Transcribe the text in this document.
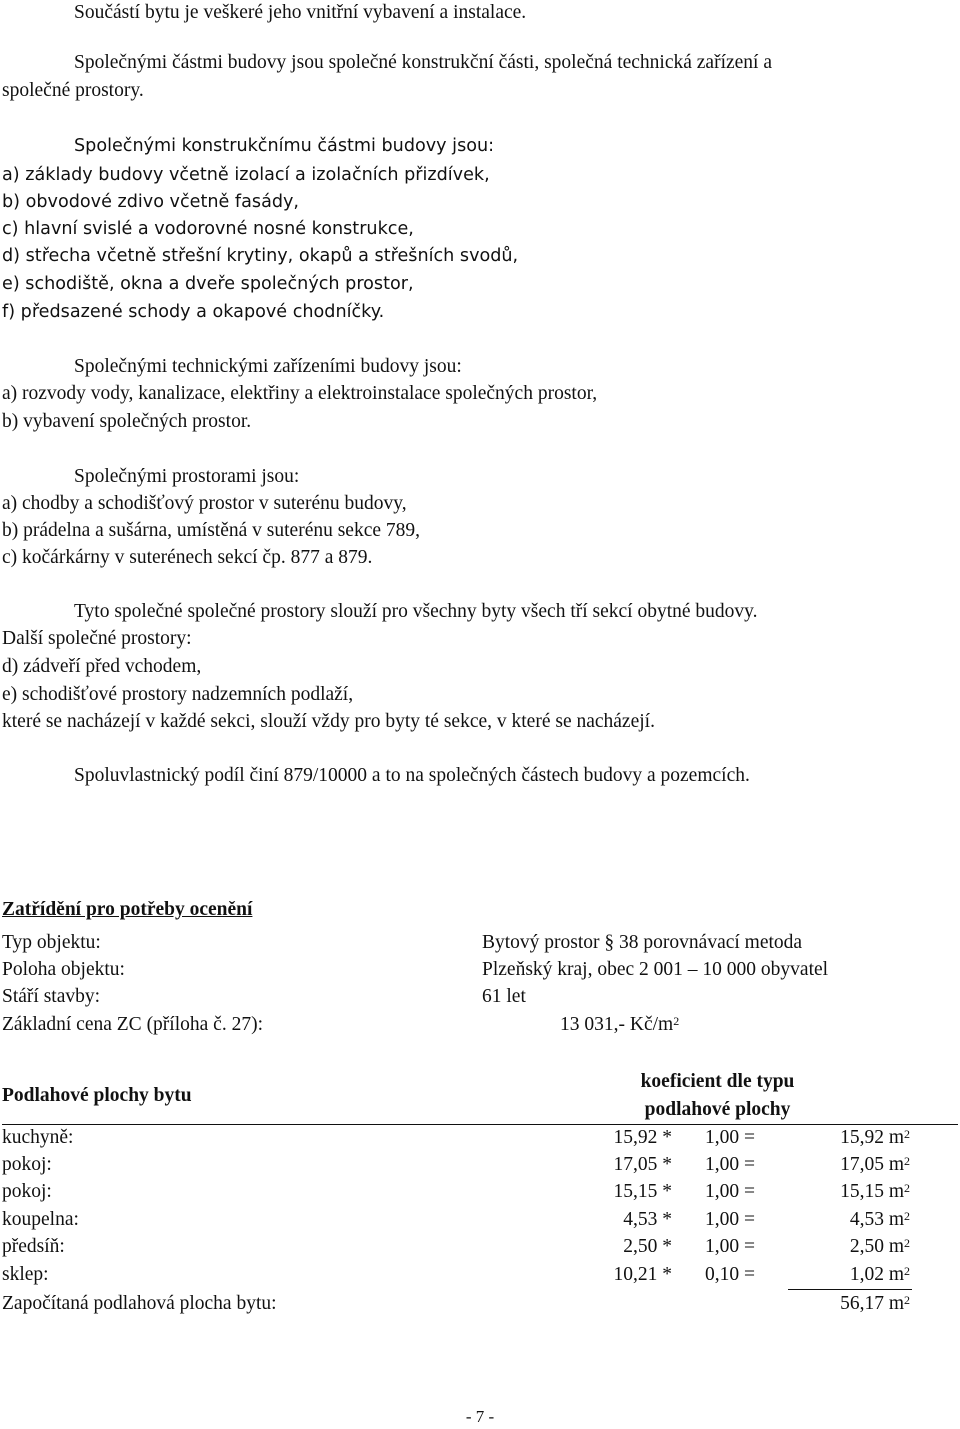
Součástí bytu je veškeré jeho vnitřní vybavení a instalace.
Společnými částmi budovy jsou společné konstrukční části, společná technická zařízení a
společné prostory.
Společnými konstrukčnímu částmi budovy jsou:
a) základy budovy včetně izolací a izolačních přizdívek,
b) obvodové zdivo včetně fasády,
c) hlavní svislé a vodorovné nosné konstrukce,
d) střecha včetně střešní krytiny, okapů a střešních svodů,
e) schodiště, okna a dveře společných prostor,
f) předsazené schody a okapové chodníčky.
Společnými technickými zařízeními budovy jsou:
a) rozvody vody, kanalizace, elektřiny a elektroinstalace společných prostor,
b) vybavení společných prostor.
Společnými prostorami jsou:
a) chodby a schodišťový prostor v suterénu budovy,
b) prádelna a sušárna, umístěná v suterénu sekce 789,
c) kočárkárny v suterénech sekcí čp. 877 a 879.
Tyto společné společné prostory slouží pro všechny byty všech tří sekcí obytné budovy.
Další společné prostory:
d) zádveří před vchodem,
e) schodišťové prostory nadzemních podlaží,
které se nacházejí v každé sekci, slouží vždy pro byty té sekce, v které se nacházejí.
Spoluvlastnický podíl činí 879/10000 a to na společných částech budovy a pozemcích.
Zatřídění pro potřeby ocenění
Typ objektu:	Bytový prostor § 38 porovnávací metoda
Poloha objektu:	Plzeňský kraj, obec 2 001 – 10 000 obyvatel
Stáří stavby:	61 let
Základní cena ZC (příloha č. 27):	13 031,- $Kč/m^2$
Podlahové plochy bytu
koeficient dle typu
podlahové plochy
kuchyně:	15,92 *	1,00 =	15,92 $m^2$
pokoj:	17,05 *	1,00 =	17,05 $m^2$
pokoj:	15,15 *	1,00 =	15,15 $m^2$
koupelna:	4,53 *	1,00 =	4,53 $m^2$
předsíň:	2,50 *	1,00 =	2,50 $m^2$
sklep:	10,21 *	0,10 =	1,02 $m^2$
Započítaná podlahová plocha bytu:	56,17 $m^2$
- 7 -
